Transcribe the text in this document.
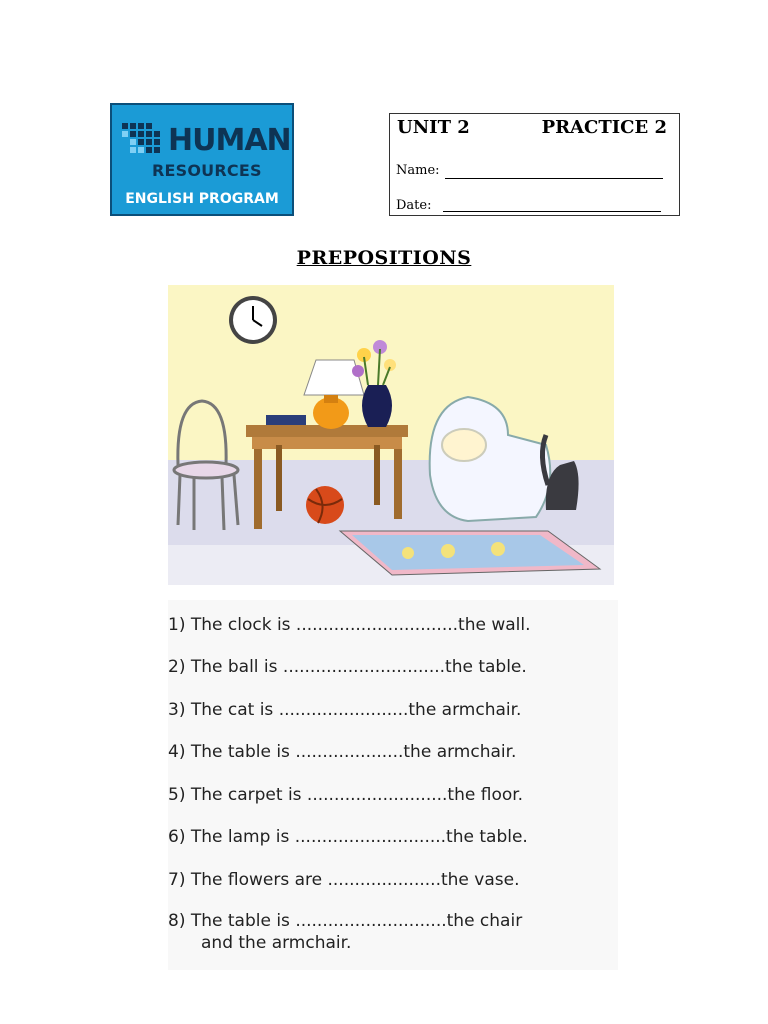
HUMAN
RESOURCES
ENGLISH PROGRAM
UNIT 2	PRACTICE 2
Name:
Date:
PREPOSITIONS
1) The clock is ..............................the wall.
2) The ball is ..............................the table.
3) The cat is ........................the armchair.
4) The table is ....................the armchair.
5) The carpet is ..........................the floor.
6) The lamp is ............................the table.
7) The flowers are .....................the vase.
8) The table is ............................the chair
and the armchair.
